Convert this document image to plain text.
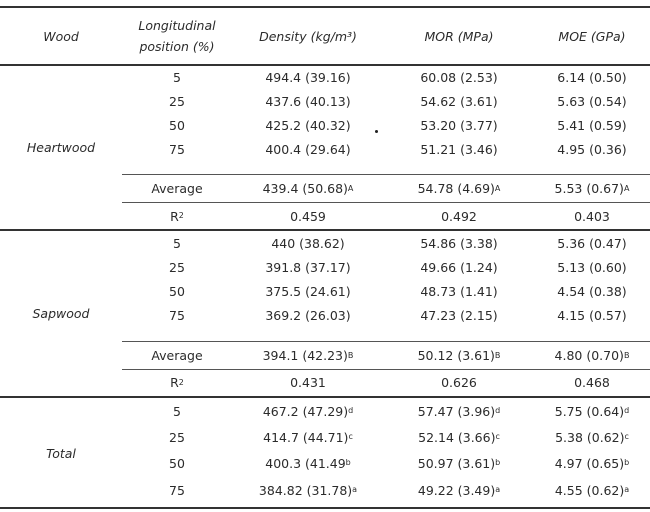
Wood
Longitudinal
position (%)
Density (kg/m³)	MOR (MPa)	MOE (GPa)
Heartwood
5	494.4 (39.16)	60.08 (2.53)	6.14 (0.50)
25	437.6 (40.13)	54.62 (3.61)	5.63 (0.54)
50	425.2 (40.32)	53.20 (3.77)	5.41 (0.59)
75	400.4 (29.64)	51.21 (3.46)	4.95 (0.36)
Average	439.4 (50.68) A	54.78 (4.69) A	5.53 (0.67) A
R 2	0.459	0.492	0.403
Sapwood
5	440 (38.62)	54.86 (3.38)	5.36 (0.47)
25	391.8 (37.17)	49.66 (1.24)	5.13 (0.60)
50	375.5 (24.61)	48.73 (1.41)	4.54 (0.38)
75	369.2 (26.03)	47.23 (2.15)	4.15 (0.57)
Average	394.1 (42.23) B	50.12 (3.61) B	4.80 (0.70) B
R 2	0.431	0.626	0.468
Total
5	467.2 (47.29) d	57.47 (3.96) d	5.75 (0.64) d
25	414.7 (44.71) c	52.14 (3.66) c	5.38 (0.62) c
50	400.3 (41.49 b	50.97 (3.61) b	4.97 (0.65) b
75	384.82 (31.78) a	49.22 (3.49) a	4.55 (0.62) a
